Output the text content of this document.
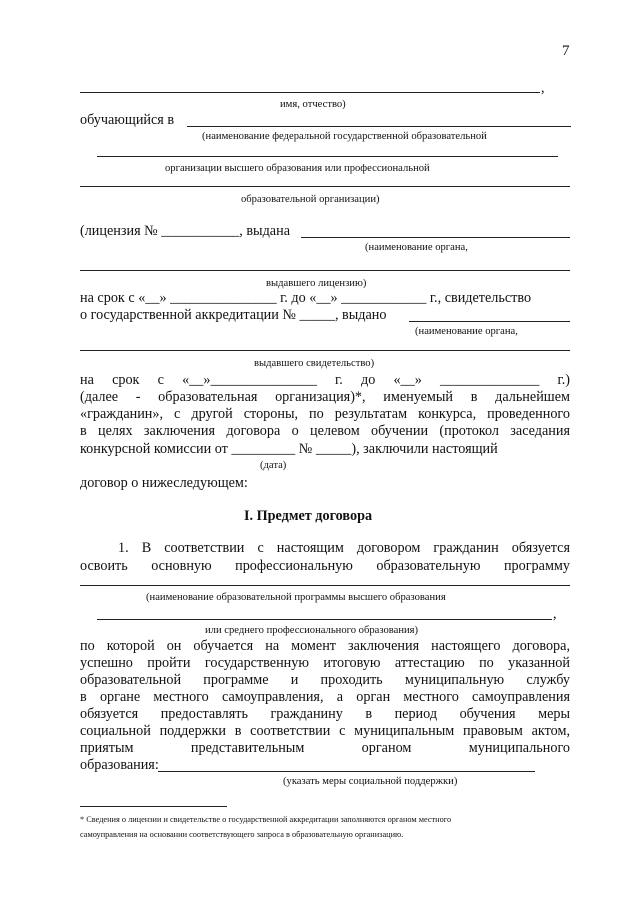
7
,
имя, отчество)
обучающийся в
(наименование федеральной государственной образовательной
организации высшего образования или профессиональной
образовательной организации)
(лицензия № ___________, выдана
(наименование органа,
выдавшего лицензию)
на срок с «__» _______________ г. до «__» ____________ г., свидетельство
о государственной аккредитации № _____, выдано
(наименование органа,
выдавшего свидетельство)
на срок с «__»_______________ г. до «__» ______________ г.)
(далее - образовательная организация)*, именуемый в дальнейшем
«гражданин», с другой стороны, по результатам конкурса, проведенного
в целях заключения договора о целевом обучении (протокол заседания
конкурсной комиссии от _________ № _____), заключили настоящий
(дата)
договор о нижеследующем:
I. Предмет договора
1. В соответствии с настоящим договором гражданин обязуется
освоить основную профессиональную образовательную программу
(наименование образовательной программы высшего образования
,
или среднего профессионального образования)
по которой он обучается на момент заключения настоящего договора,
успешно пройти государственную итоговую аттестацию по указанной
образовательной программе и проходить муниципальную службу
в органе местного самоуправления, а орган местного самоуправления
обязуется предоставлять гражданину в период обучения меры
социальной поддержки в соответствии с муниципальным правовым актом,
приятым представительным органом муниципального
образования:
(указать меры социальной поддержки)
* Сведения о лицензии и свидетельстве о государственной аккредитации заполняются органом местного
самоуправления на основании соответствующего запроса в образовательную организацию.
